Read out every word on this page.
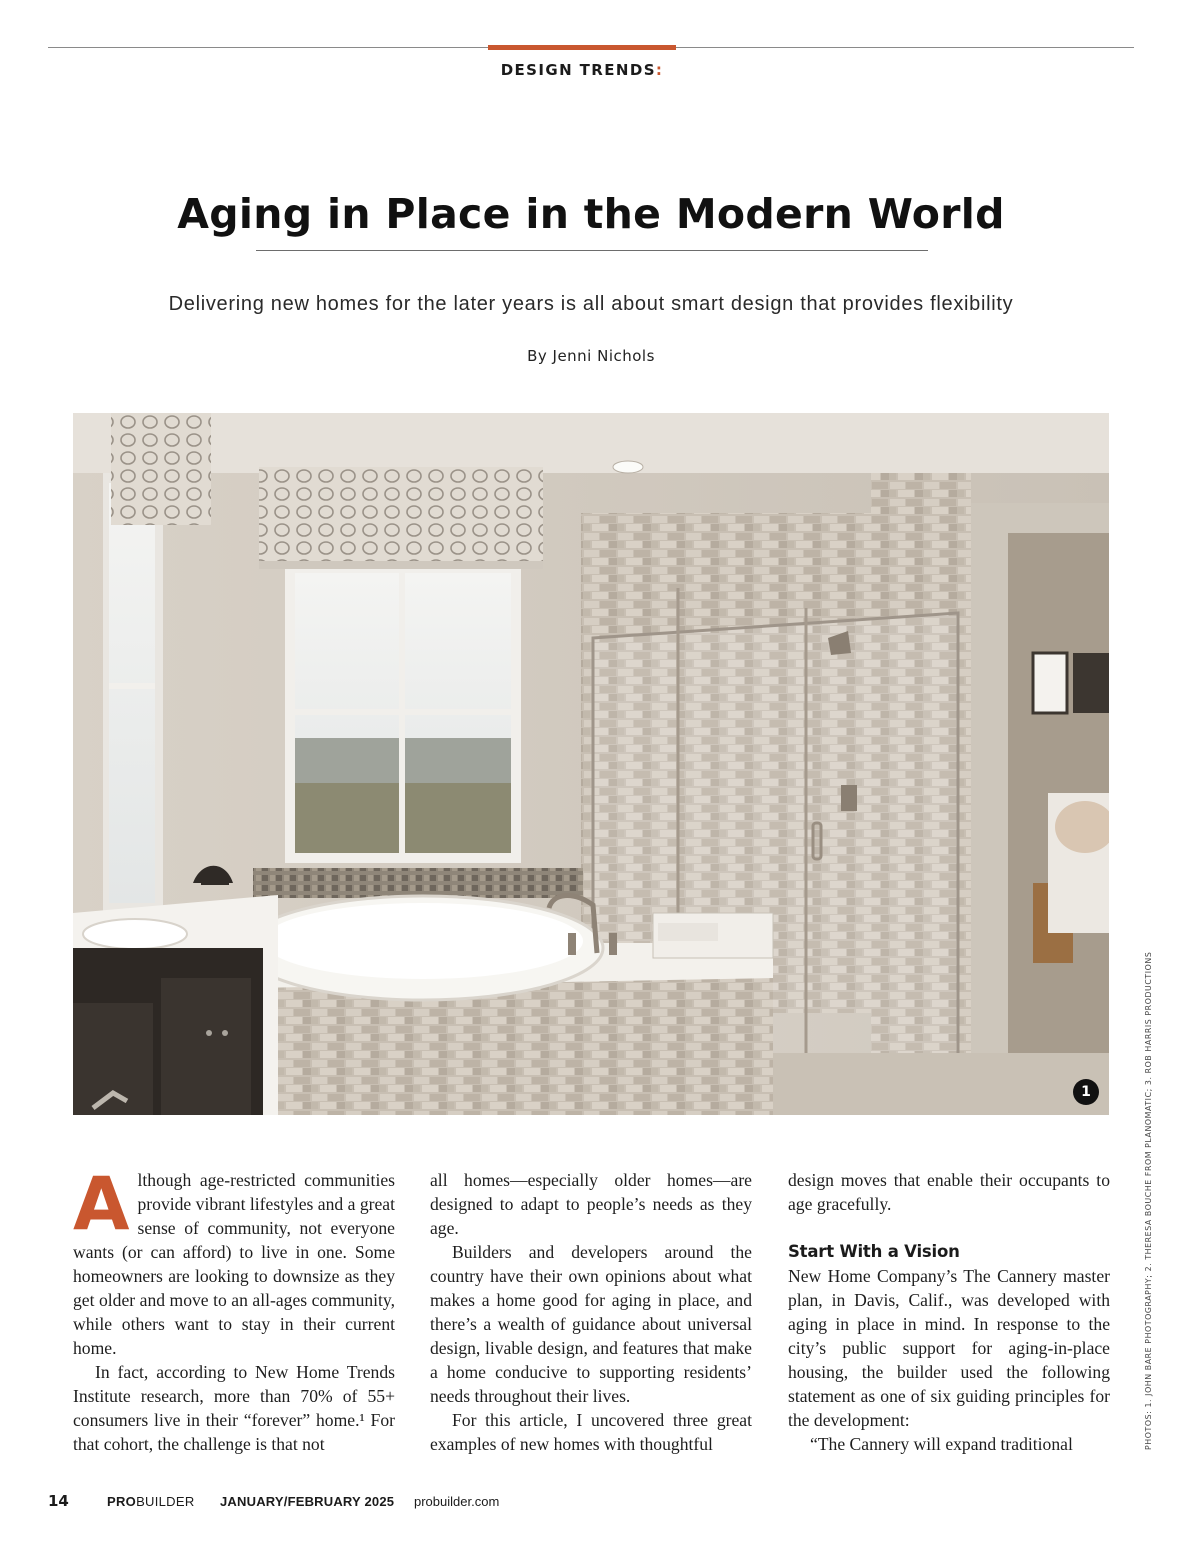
DESIGN TRENDS:
Aging in Place in the Modern World
Delivering new homes for the later years is all about smart design that provides flexibility
By Jenni Nichols
1	PHOTOS: 1. JOHN BARE PHOTOGRAPHY; 2. THERESA BOUCHE FROM PLANOMATIC; 3. ROB HARRIS PRODUCTIONS
A lthough age-restricted communities provide vibrant lifestyles and a great sense of community, not everyone wants (or can afford) to live in one. Some homeowners are looking to downsize as they get older and move to an all-ages community, while others want to stay in their current home.

In fact, according to New Home Trends Institute research, more than 70% of 55+ consumers live in their “forever” home.¹ For that cohort, the challenge is that not

all homes—especially older homes—are designed to adapt to people’s needs as they age.

Builders and developers around the country have their own opinions about what makes a home good for aging in place, and there’s a wealth of guidance about universal design, livable design, and features that make a home conducive to supporting residents’ needs throughout their lives.

For this article, I uncovered three great examples of new homes with thoughtful

design moves that enable their occupants to age gracefully.

Start With a Vision

New Home Company’s The Cannery master plan, in Davis, Calif., was developed with aging in place in mind. In response to the city’s public support for aging-in-place housing, the builder used the following statement as one of six guiding principles for the development:

“The Cannery will expand traditional

14	PROBUILDER JANUARY/FEBRUARY 2025 probuilder.com
